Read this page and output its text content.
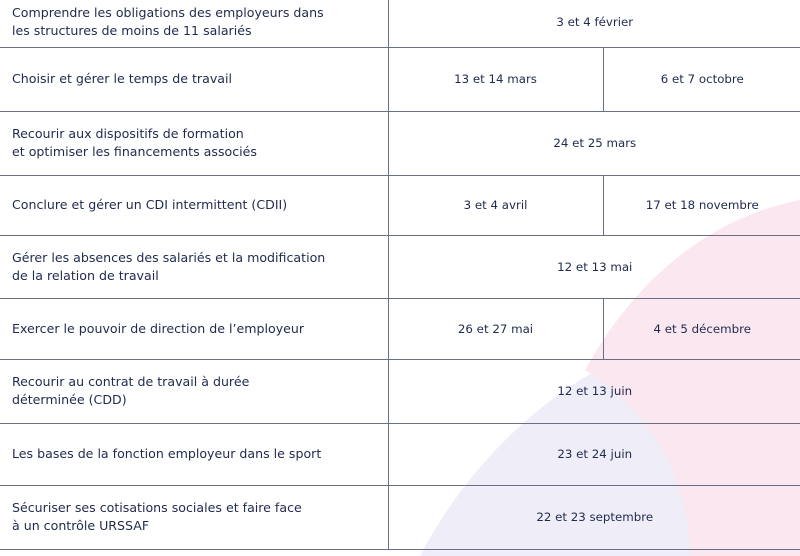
Comprendre les obligations des employeurs dans
les structures de moins de 11 salariés	3 et 4 février	
Choisir et gérer le temps de travail	13 et 14 mars	6 et 7 octobre
Recourir aux dispositifs de formation
et optimiser les financements associés	24 et 25 mars	
Conclure et gérer un CDI intermittent (CDII)	3 et 4 avril	17 et 18 novembre
Gérer les absences des salariés et la modification
de la relation de travail	12 et 13 mai	
Exercer le pouvoir de direction de l’employeur	26 et 27 mai	4 et 5 décembre
Recourir au contrat de travail à durée
déterminée (CDD)	12 et 13 juin	
Les bases de la fonction employeur dans le sport	23 et 24 juin	
Sécuriser ses cotisations sociales et faire face
à un contrôle URSSAF	22 et 23 septembre	
